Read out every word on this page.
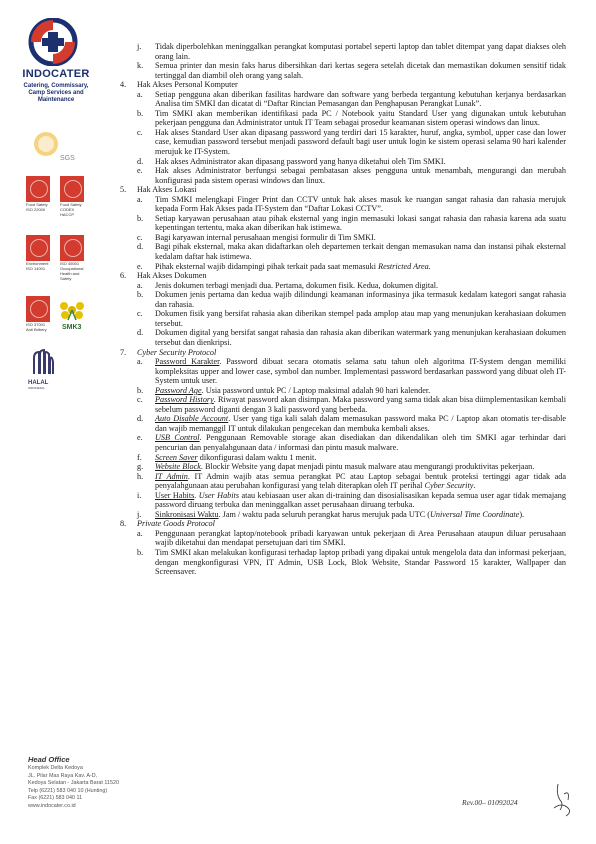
INDOCATER
Catering, Commissary,
Camp Services and
Maintenance
SGS
Food Safety
ISO 22000
Food Safety
CODEX
HACCP
Environment
ISO 14001
ISO 45001
Occupational
Health and
Safety
ISO 37001
Anti Bribery	SMK3
HALAL
INDONESIA
Head Office
Komplek Delta Kedoya
JL. Pilar Mas Raya Kav. A-D,
Kedoya Selatan - Jakarta Barat 11520
Telp (6221) 583 040 10 (Hunting)
Fax (6221) 583 040 11
www.indocater.co.id

j. Tidak diperbolehkan meninggalkan perangkat komputasi portabel seperti laptop dan tablet ditempat yang dapat diakses oleh orang lain.

k. Semua printer dan mesin faks harus dibersihkan dari kertas segera setelah dicetak dan memastikan dokumen sensitif tidak tertinggal dan diambil oleh orang yang salah.

4. Hak Akses Personal Komputer

a. Setiap pengguna akan diberikan fasilitas hardware dan software yang berbeda tergantung kebutuhan kerjanya berdasarkan Analisa tim SMKI dan dicatat di “Daftar Rincian Pemasangan dan Penghapusan Perangkat Lunak”.

b. Tim SMKI akan memberikan identifikasi pada PC / Notebook yaitu Standard User yang digunakan untuk kebutuhan pekerjaan pengguna dan Administrator untuk IT Team sebagai prosedur keamanan sistem operasi windows dan linux.

c. Hak akses Standard User akan dipasang password yang terdiri dari 15 karakter, huruf, angka, symbol, upper case dan lower case, kemudian password tersebut menjadi password default bagi user untuk login ke sistem operasi selama 90 hari kalender merujuk ke IT-System.

d. Hak akses Administrator akan dipasang password yang hanya diketahui oleh Tim SMKI.

e. Hak akses Administrator berfungsi sebagai pembatasan akses pengguna untuk menambah, mengurangi dan merubah konfigurasi pada sistem operasi windows dan linux.

5. Hak Akses Lokasi

a. Tim SMKI melengkapi Finger Print dan CCTV untuk hak akses masuk ke ruangan sangat rahasia dan rahasia merujuk kepada Form Hak Akses pada IT-System dan “Daftar Lokasi CCTV”.

b. Setiap karyawan perusahaan atau pihak eksternal yang ingin memasuki lokasi sangat rahasia dan rahasia karena ada suatu kepentingan tertentu, maka akan diberikan hak istimewa.

c. Bagi karyawan internal perusahaan mengisi formulir di Tim SMKI.

d. Bagi pihak eksternal, maka akan didaftarkan oleh departemen terkait dengan memasukan nama dan instansi pihak eksternal kedalam daftar hak istimewa.

e. Pihak eksternal wajib didampingi pihak terkait pada saat memasuki Restricted Area.

6. Hak Akses Dokumen

a. Jenis dokumen terbagi menjadi dua. Pertama, dokumen fisik. Kedua, dokumen digital.

b. Dokumen jenis pertama dan kedua wajib dilindungi keamanan informasinya jika termasuk kedalam kategori sangat rahasia dan rahasia.

c. Dokumen fisik yang bersifat rahasia akan diberikan stempel pada amplop atau map yang menunjukan kerahasiaan dokumen tersebut.

d. Dokumen digital yang bersifat sangat rahasia dan rahasia akan diberikan watermark yang menunjukan kerahasiaan dokumen tersebut dan dienkripsi.

7. Cyber Security Protocol

a. Password Karakter. Password dibuat secara otomatis selama satu tahun oleh algoritma IT-System dengan memiliki kompleksitas upper and lower case, symbol dan number. Implementasi password berdasarkan password yang dibuat oleh IT-System untuk user.

b. Password Age. Usia password untuk PC / Laptop maksimal adalah 90 hari kalender.

c. Password History. Riwayat password akan disimpan. Maka password yang sama tidak akan bisa diimplementasikan kembali sebelum password diganti dengan 3 kali password yang berbeda.

d. Auto Disable Account. User yang tiga kali salah dalam memasukan password maka PC / Laptop akan otomatis ter-disable dan wajib memanggil IT untuk dilakukan pengecekan dan membuka kembali akses.

e. USB Control. Penggunaan Removable storage akan disediakan dan dikendalikan oleh tim SMKI agar terhindar dari pencurian dan penyalahgunaan data / informasi dan pintu masuk malware.

f. Screen Saver dikonfigurasi dalam waktu 1 menit.

g. Website Block. Blockir Website yang dapat menjadi pintu masuk malware atau mengurangi produktivitas pekerjaan.

h. IT Admin. IT Admin wajib atas semua perangkat PC atau Laptop sebagai bentuk proteksi tertinggi agar tidak ada penyalahgunaan atau perubahan konfigurasi yang telah diterapkan oleh IT perihal Cyber Security.

i. User Habits. User Habits atau kebiasaan user akan di-training dan disosialisasikan kepada semua user agar tidak memajang password diruang terbuka dan meninggalkan asset perusahaan diruang terbuka.

j. Sinkronisasi Waktu. Jam / waktu pada seluruh perangkat harus merujuk pada UTC (Universal Time Coordinate).

8. Private Goods Protocol

a. Penggunaan perangkat laptop/notebook pribadi karyawan untuk pekerjaan di Area Perusahaan ataupun diluar perusahaan wajib diketahui dan mendapat persetujuan dari tim SMKI.

b. Tim SMKI akan melakukan konfigurasi terhadap laptop pribadi yang dipakai untuk mengelola data dan informasi pekerjaan, dengan mengkonfigurasi VPN, IT Admin, USB Lock, Blok Website, Standar Password 15 karakter, Wallpaper dan Screensaver.

Rev.00– 01092024
